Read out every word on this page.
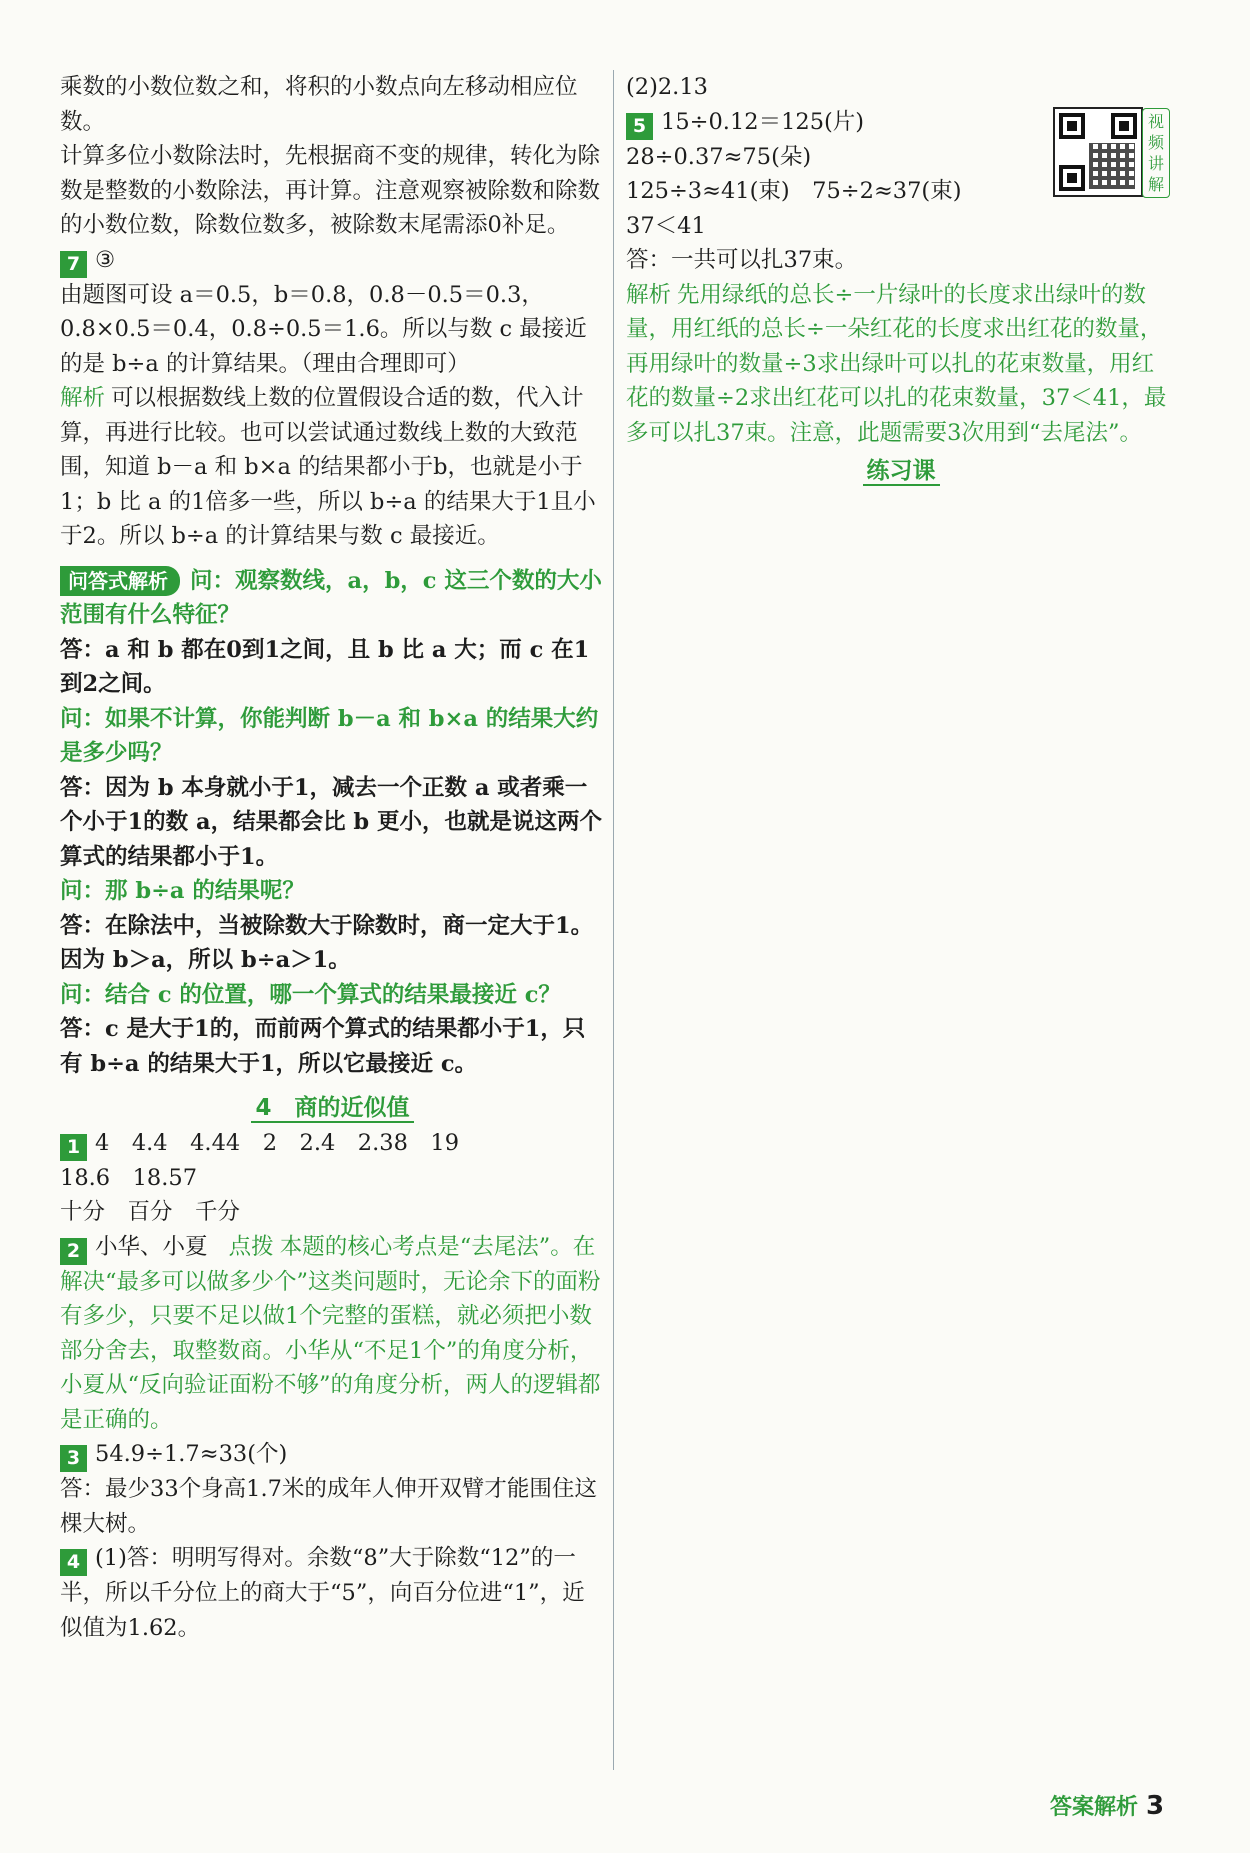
乘数的小数位数之和，将积的小数点向左移动相应位数。

计算多位小数除法时，先根据商不变的规律，转化为除数是整数的小数除法，再计算。注意观察被除数和除数的小数位数，除数位数多，被除数末尾需添0补足。

7 ③

由题图可设 a＝0.5，b＝0.8，0.8－0.5＝0.3，0.8×0.5＝0.4，0.8÷0.5＝1.6。所以与数 c 最接近的是 b÷a 的计算结果。（理由合理即可）

解析 可以根据数线上数的位置假设合适的数，代入计算，再进行比较。也可以尝试通过数线上数的大致范围，知道 b－a 和 b×a 的结果都小于b，也就是小于1；b 比 a 的1倍多一些，所以 b÷a 的结果大于1且小于2。所以 b÷a 的计算结果与数 c 最接近。

问答式解析 问：观察数线，a，b，c 这三个数的大小范围有什么特征？

答：a 和 b 都在0到1之间，且 b 比 a 大；而 c 在1到2之间。

问：如果不计算，你能判断 b－a 和 b×a 的结果大约是多少吗？

答：因为 b 本身就小于1，减去一个正数 a 或者乘一个小于1的数 a，结果都会比 b 更小，也就是说这两个算式的结果都小于1。

问：那 b÷a 的结果呢？

答：在除法中，当被除数大于除数时，商一定大于1。因为 b＞a，所以 b÷a＞1。

问：结合 c 的位置，哪一个算式的结果最接近 c？

答：c 是大于1的，而前两个算式的结果都小于1，只有 b÷a 的结果大于1，所以它最接近 c。

4　商的近似值

1 4　4.4　4.44　2　2.4　2.38　19

18.6　18.57

十分　百分　千分

2 小华、小夏 点拨 本题的核心考点是“去尾法”。在解决“最多可以做多少个”这类问题时，无论余下的面粉有多少，只要不足以做1个完整的蛋糕，就必须把小数部分舍去，取整数商。小华从“不足1个”的角度分析，小夏从“反向验证面粉不够”的角度分析，两人的逻辑都是正确的。

3 54.9÷1.7≈33(个)

答：最少33个身高1.7米的成年人伸开双臂才能围住这棵大树。

4 (1)答：明明写得对。余数“8”大于除数“12”的一半，所以千分位上的商大于“5”，向百分位进“1”，近似值为1.62。

(2)2.13

5 15÷0.12＝125(片)

28÷0.37≈75(朵)

125÷3≈41(束)　75÷2≈37(束)

37＜41

答：一共可以扎37束。

解析 先用绿纸的总长÷一片绿叶的长度求出绿叶的数量，用红纸的总长÷一朵红花的长度求出红花的数量，再用绿叶的数量÷3求出绿叶可以扎的花束数量，用红花的数量÷2求出红花可以扎的花束数量，37＜41，最多可以扎37束。注意，此题需要3次用到“去尾法”。

练习课

视频讲解
答案解析 3
